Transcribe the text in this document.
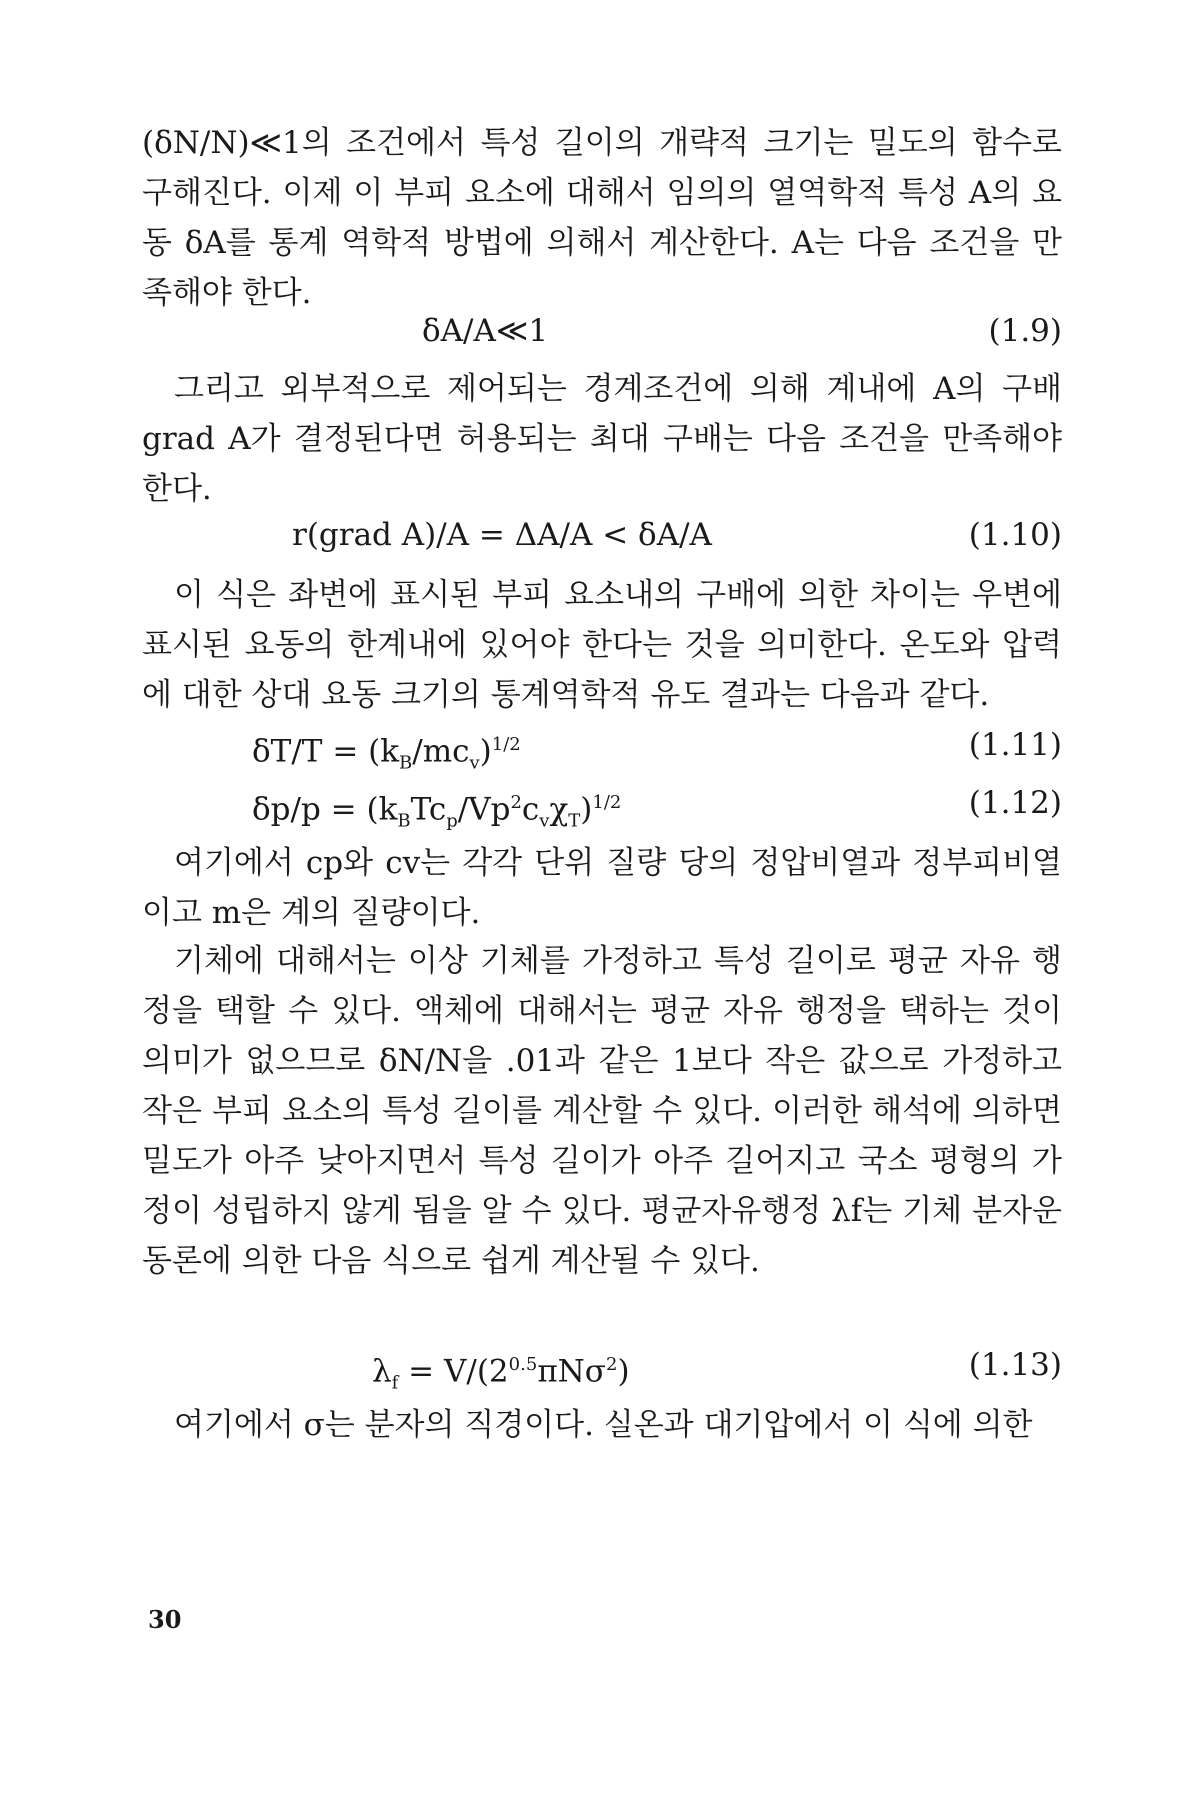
(δN/N)≪1의 조건에서 특성 길이의 개략적 크기는 밀도의 함수로 구해진다. 이제 이 부피 요소에 대해서 임의의 열역학적 특성 A의 요동 δA를 통계 역학적 방법에 의해서 계산한다. A는 다음 조건을 만족해야 한다.

δA/A≪1	(1.9)

그리고 외부적으로 제어되는 경계조건에 의해 계내에 A의 구배 grad A가 결정된다면 허용되는 최대 구배는 다음 조건을 만족해야 한다.

r(grad A)/A = ΔA/A < δA/A	(1.10)

이 식은 좌변에 표시된 부피 요소내의 구배에 의한 차이는 우변에 표시된 요동의 한계내에 있어야 한다는 것을 의미한다. 온도와 압력에 대한 상대 요동 크기의 통계역학적 유도 결과는 다음과 같다.

$\delta T/T = (k_B/mc_v)^{1/2}$	(1.11)
$\delta p/p = (k_BTc_p/Vp^2c_v\chi_T)^{1/2}$	(1.12)

여기에서 cp와 cv는 각각 단위 질량 당의 정압비열과 정부피비열이고 m은 계의 질량이다.

기체에 대해서는 이상 기체를 가정하고 특성 길이로 평균 자유 행정을 택할 수 있다. 액체에 대해서는 평균 자유 행정을 택하는 것이 의미가 없으므로 δN/N을 .01과 같은 1보다 작은 값으로 가정하고 작은 부피 요소의 특성 길이를 계산할 수 있다. 이러한 해석에 의하면 밀도가 아주 낮아지면서 특성 길이가 아주 길어지고 국소 평형의 가정이 성립하지 않게 됨을 알 수 있다. 평균자유행정 λf는 기체 분자운동론에 의한 다음 식으로 쉽게 계산될 수 있다.

$\lambda_f = V/(2^{0.5}\pi N\sigma^2)$	(1.13)

여기에서 σ는 분자의 직경이다. 실온과 대기압에서 이 식에 의한

30
